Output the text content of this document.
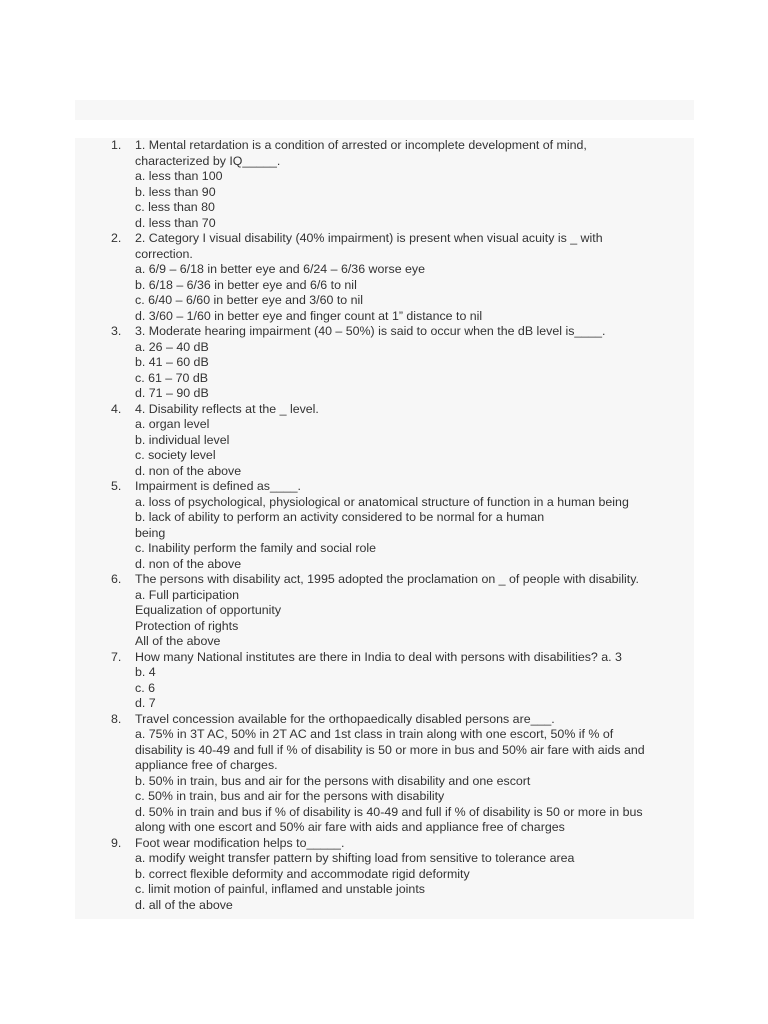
1.	1. Mental retardation is a condition of arrested or incomplete development of mind,
characterized by IQ_____.
a. less than 100
b. less than 90
c. less than 80
d. less than 70
2.	2. Category I visual disability (40% impairment) is present when visual acuity is _ with
correction.
a. 6/9 – 6/18 in better eye and 6/24 – 6/36 worse eye
b. 6/18 – 6/36 in better eye and 6/6 to nil
c. 6/40 – 6/60 in better eye and 3/60 to nil
d. 3/60 – 1/60 in better eye and finger count at 1” distance to nil
3.	3. Moderate hearing impairment (40 – 50%) is said to occur when the dB level is____.
a. 26 – 40 dB
b. 41 – 60 dB
c. 61 – 70 dB
d. 71 – 90 dB
4.	4. Disability reflects at the _ level.
a. organ level
b. individual level
c. society level
d. non of the above
5.	Impairment is defined as____.
a. loss of psychological, physiological or anatomical structure of function in a human being
b. lack of ability to perform an activity considered to be normal for a human
being
c. Inability perform the family and social role
d. non of the above
6.	The persons with disability act, 1995 adopted the proclamation on _ of people with disability.
a. Full participation
Equalization of opportunity
Protection of rights
All of the above
7.	How many National institutes are there in India to deal with persons with disabilities? a. 3
b. 4
c. 6
d. 7
8.	Travel concession available for the orthopaedically disabled persons are___.
a. 75% in 3T AC, 50% in 2T AC and 1st class in train along with one escort, 50% if % of
disability is 40-49 and full if % of disability is 50 or more in bus and 50% air fare with aids and
appliance free of charges.
b. 50% in train, bus and air for the persons with disability and one escort
c. 50% in train, bus and air for the persons with disability
d. 50% in train and bus if % of disability is 40-49 and full if % of disability is 50 or more in bus
along with one escort and 50% air fare with aids and appliance free of charges
9.	Foot wear modification helps to_____.
a. modify weight transfer pattern by shifting load from sensitive to tolerance area
b. correct flexible deformity and accommodate rigid deformity
c. limit motion of painful, inflamed and unstable joints
d. all of the above
